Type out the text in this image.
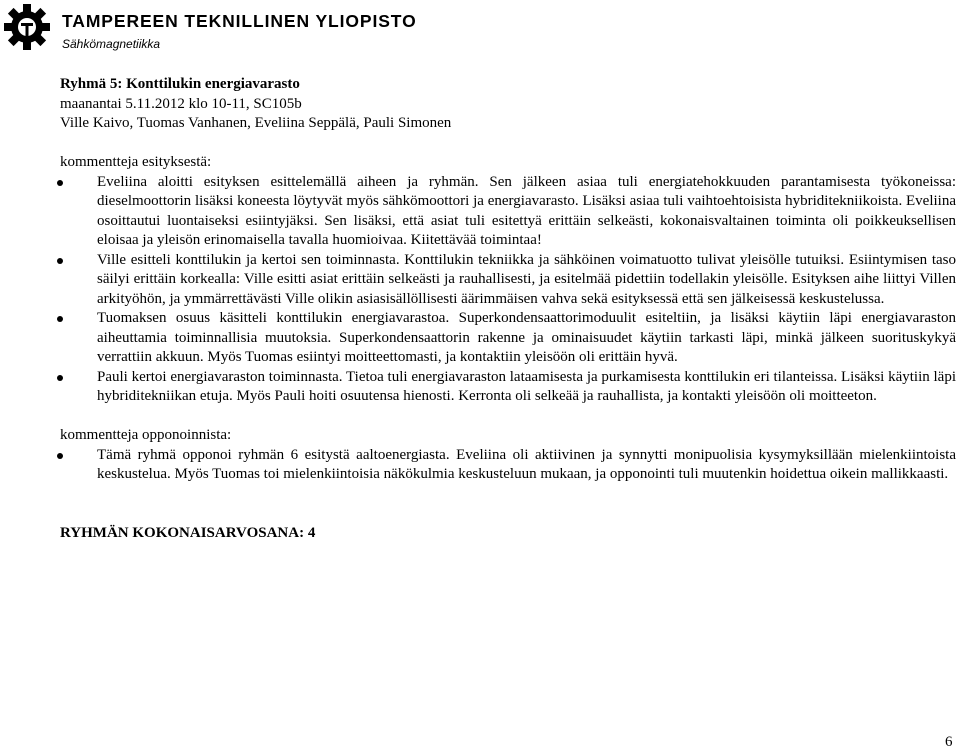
TAMPEREEN TEKNILLINEN YLIOPISTO
Sähkömagnetiikka
Ryhmä 5: Konttilukin energiavarasto
maanantai 5.11.2012 klo 10-11, SC105b
Ville Kaivo, Tuomas Vanhanen, Eveliina Seppälä, Pauli Simonen
kommentteja esityksestä:
Eveliina aloitti esityksen esittelemällä aiheen ja ryhmän. Sen jälkeen asiaa tuli energiatehokkuuden parantamisesta työkoneissa: dieselmoottorin lisäksi koneesta löytyvät myös sähkömoottori ja energiavarasto. Lisäksi asiaa tuli vaihtoehtoisista hybriditekniikoista. Eveliina osoittautui luontaiseksi esiintyjäksi. Sen lisäksi, että asiat tuli esitettyä erittäin selkeästi, kokonaisvaltainen toiminta oli poikkeuksellisen eloisaa ja yleisön erinomaisella tavalla huomioivaa. Kiitettävää toimintaa!
Ville esitteli konttilukin ja kertoi sen toiminnasta. Konttilukin tekniikka ja sähköinen voimatuotto tulivat yleisölle tutuiksi. Esiintymisen taso säilyi erittäin korkealla: Ville esitti asiat erittäin selkeästi ja rauhallisesti, ja esitelmää pidettiin todellakin yleisölle. Esityksen aihe liittyi Villen arkityöhön, ja ymmärrettävästi Ville olikin asiasisällöllisesti äärimmäisen vahva sekä esityksessä että sen jälkeisessä keskustelussa.
Tuomaksen osuus käsitteli konttilukin energiavarastoa. Superkondensaattorimoduulit esiteltiin, ja lisäksi käytiin läpi energiavaraston aiheuttamia toiminnallisia muutoksia. Superkondensaattorin rakenne ja ominaisuudet käytiin tarkasti läpi, minkä jälkeen suorituskykyä verrattiin akkuun. Myös Tuomas esiintyi moitteettomasti, ja kontaktiin yleisöön oli erittäin hyvä.
Pauli kertoi energiavaraston toiminnasta. Tietoa tuli energiavaraston lataamisesta ja purkamisesta konttilukin eri tilanteissa. Lisäksi käytiin läpi hybriditekniikan etuja. Myös Pauli hoiti osuutensa hienosti. Kerronta oli selkeää ja rauhallista, ja kontakti yleisöön oli moitteeton.
kommentteja opponoinnista:
Tämä ryhmä opponoi ryhmän 6 esitystä aaltoenergiasta. Eveliina oli aktiivinen ja synnytti monipuolisia kysymyksillään mielenkiintoista keskustelua. Myös Tuomas toi mielenkiintoisia näkökulmia keskusteluun mukaan, ja opponointi tuli muutenkin hoidettua oikein mallikkaasti.
RYHMÄN KOKONAISARVOSANA: 4
6
